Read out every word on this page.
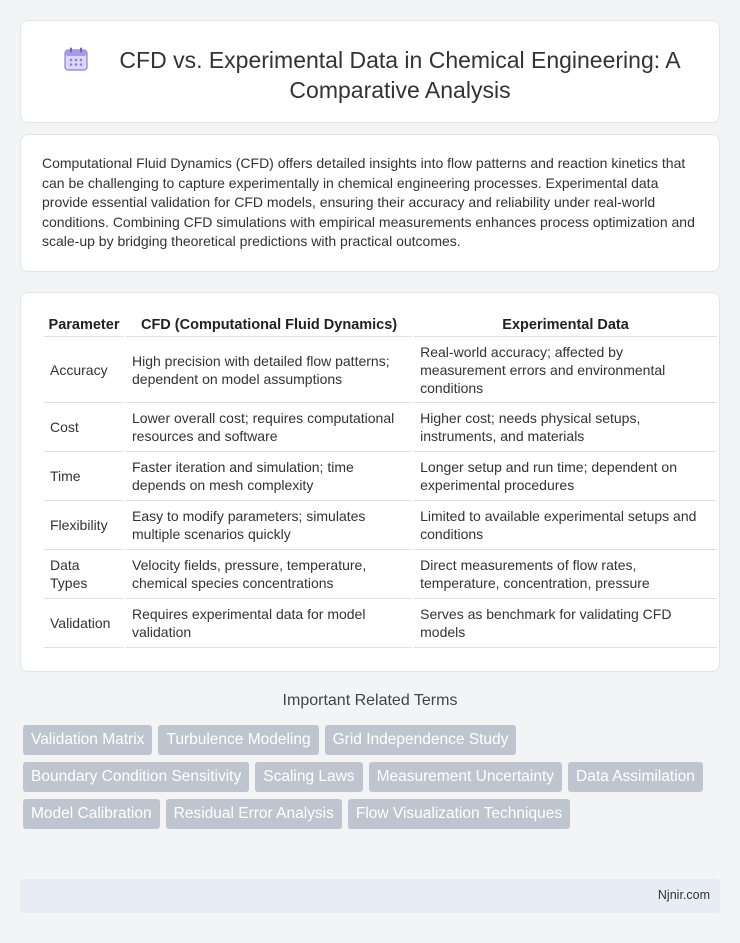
CFD vs. Experimental Data in Chemical Engineering: A Comparative Analysis

Computational Fluid Dynamics (CFD) offers detailed insights into flow patterns and reaction kinetics that can be challenging to capture experimentally in chemical engineering processes. Experimental data provide essential validation for CFD models, ensuring their accuracy and reliability under real-world conditions. Combining CFD simulations with empirical measurements enhances process optimization and scale-up by bridging theoretical predictions with practical outcomes.

Parameter	CFD (Computational Fluid Dynamics)	Experimental Data
Accuracy	High precision with detailed flow patterns; dependent on model assumptions	Real-world accuracy; affected by measurement errors and environmental conditions
Cost	Lower overall cost; requires computational resources and software	Higher cost; needs physical setups, instruments, and materials
Time	Faster iteration and simulation; time depends on mesh complexity	Longer setup and run time; dependent on experimental procedures
Flexibility	Easy to modify parameters; simulates multiple scenarios quickly	Limited to available experimental setups and conditions
Data Types	Velocity fields, pressure, temperature, chemical species concentrations	Direct measurements of flow rates, temperature, concentration, pressure
Validation	Requires experimental data for model validation	Serves as benchmark for validating CFD models
Important Related Terms
Validation Matrix	Turbulence Modeling	Grid Independence Study
Boundary Condition Sensitivity	Scaling Laws	Measurement Uncertainty	Data Assimilation
Model Calibration	Residual Error Analysis	Flow Visualization Techniques
Njnir.com
